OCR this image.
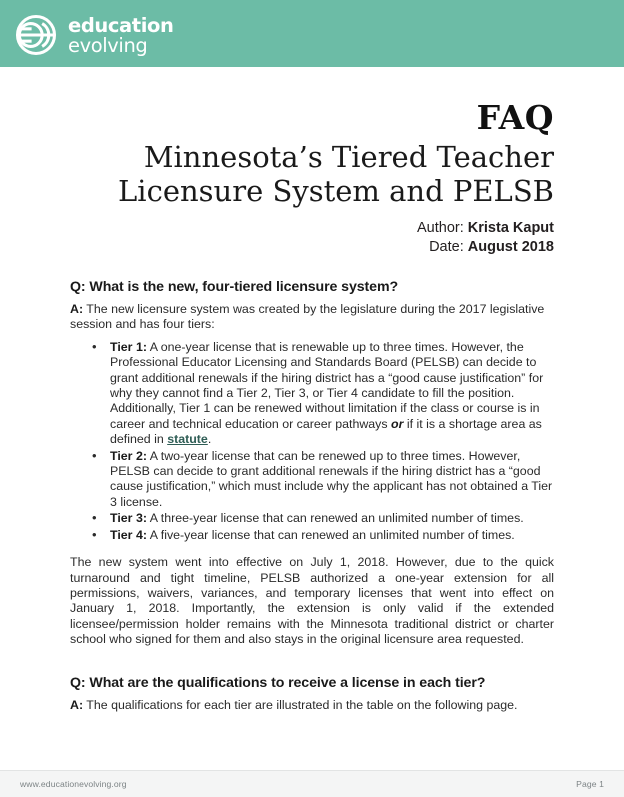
education
evolving
FAQ
Minnesota’s Tiered Teacher
Licensure System and PELSB
Author: Krista Kaput
Date: August 2018
Q: What is the new, four-tiered licensure system?

A: The new licensure system was created by the legislature during the 2017 legislative session and has four tiers:

• Tier 1: A one-year license that is renewable up to three times. However, the Professional Educator Licensing and Standards Board (PELSB) can decide to grant additional renewals if the hiring district has a “good cause justification” for why they cannot find a Tier 2, Tier 3, or Tier 4 candidate to fill the position. Additionally, Tier 1 can be renewed without limitation if the class or course is in career and technical education or career pathways or if it is a shortage area as defined in statute.
• Tier 2: A two-year license that can be renewed up to three times. However, PELSB can decide to grant additional renewals if the hiring district has a “good cause justification,” which must include why the applicant has not obtained a Tier 3 license.
• Tier 3: A three-year license that can renewed an unlimited number of times.
• Tier 4: A five-year license that can renewed an unlimited number of times.

The new system went into effective on July 1, 2018. However, due to the quick turnaround and tight timeline, PELSB authorized a one-year extension for all permissions, waivers, variances, and temporary licenses that went into effect on January 1, 2018. Importantly, the extension is only valid if the extended licensee/permission holder remains with the Minnesota traditional district or charter school who signed for them and also stays in the original licensure area requested.

Q: What are the qualifications to receive a license in each tier?

A: The qualifications for each tier are illustrated in the table on the following page.

www.educationevolving.org	Page 1
